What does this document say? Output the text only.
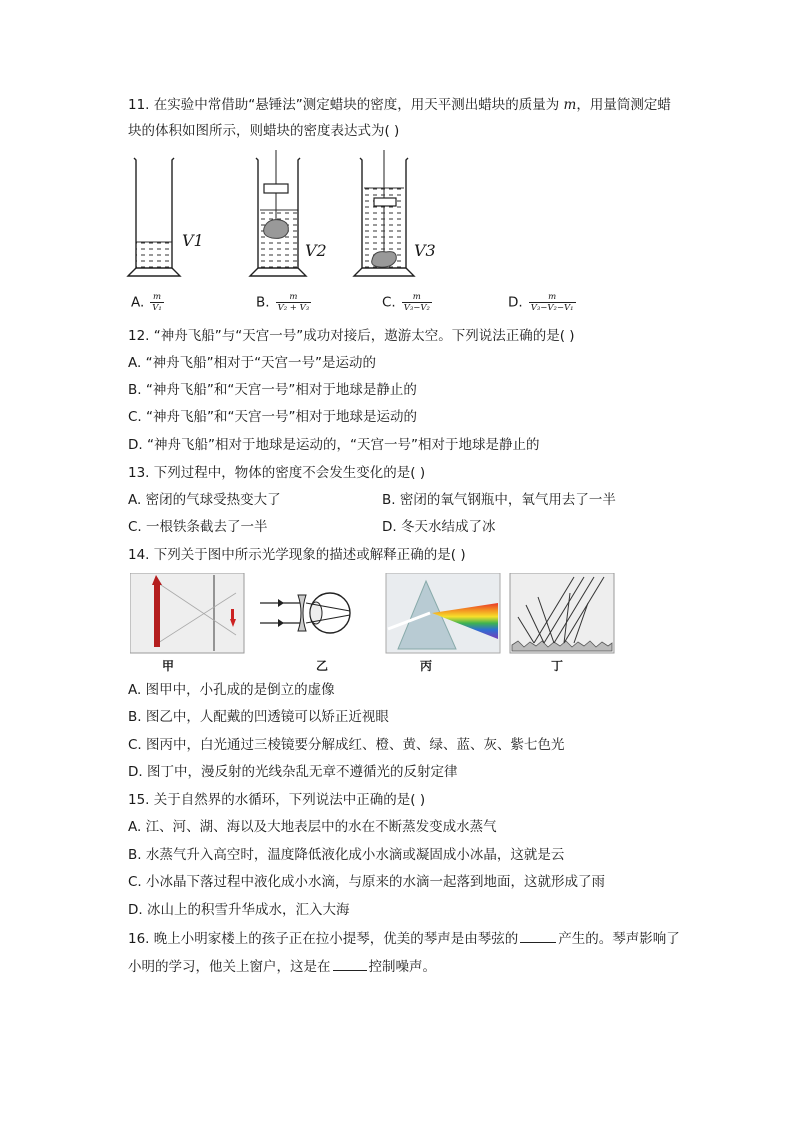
11. 在实验中常借助“悬锤法”测定蜡块的密度，用天平测出蜡块的质量为 m，用量筒测定蜡
块的体积如图所示，则蜡块的密度表达式为( )
V1
V2	V3
A. $\frac{m}{\text{V₁}}$	B. $\frac{m}{\text{V₂ + V₃}}$	C. $\frac{m}{\text{V₃−V₂}}$	D. $\frac{m}{\text{V₃−V₂−V₁}}$
12. “神舟飞船”与“天宫一号”成功对接后，遨游太空。下列说法正确的是( )
A. “神舟飞船”相对于“天宫一号”是运动的
B. “神舟飞船”和“天宫一号”相对于地球是静止的
C. “神舟飞船”和“天宫一号”相对于地球是运动的
D. “神舟飞船”相对于地球是运动的，“天宫一号”相对于地球是静止的
13. 下列过程中，物体的密度不会发生变化的是( )
A. 密闭的气球受热变大了	B. 密闭的氧气钢瓶中，氧气用去了一半
C. 一根铁条截去了一半	D. 冬天水结成了冰
14. 下列关于图中所示光学现象的描述或解释正确的是( )
甲	乙	丙	丁
A. 图甲中，小孔成的是倒立的虚像
B. 图乙中，人配戴的凹透镜可以矫正近视眼
C. 图丙中，白光通过三棱镜要分解成红、橙、黄、绿、蓝、灰、紫七色光
D. 图丁中，漫反射的光线杂乱无章不遵循光的反射定律
15. 关于自然界的水循环，下列说法中正确的是( )
A. 江、河、湖、海以及大地表层中的水在不断蒸发变成水蒸气
B. 水蒸气升入高空时，温度降低液化成小水滴或凝固成小冰晶，这就是云
C. 小冰晶下落过程中液化成小水滴，与原来的水滴一起落到地面，这就形成了雨
D. 冰山上的积雪升华成水，汇入大海
16. 晚上小明家楼上的孩子正在拉小提琴，优美的琴声是由琴弦的	产生的。琴声影响了
小明的学习，他关上窗户，这是在	控制噪声。
